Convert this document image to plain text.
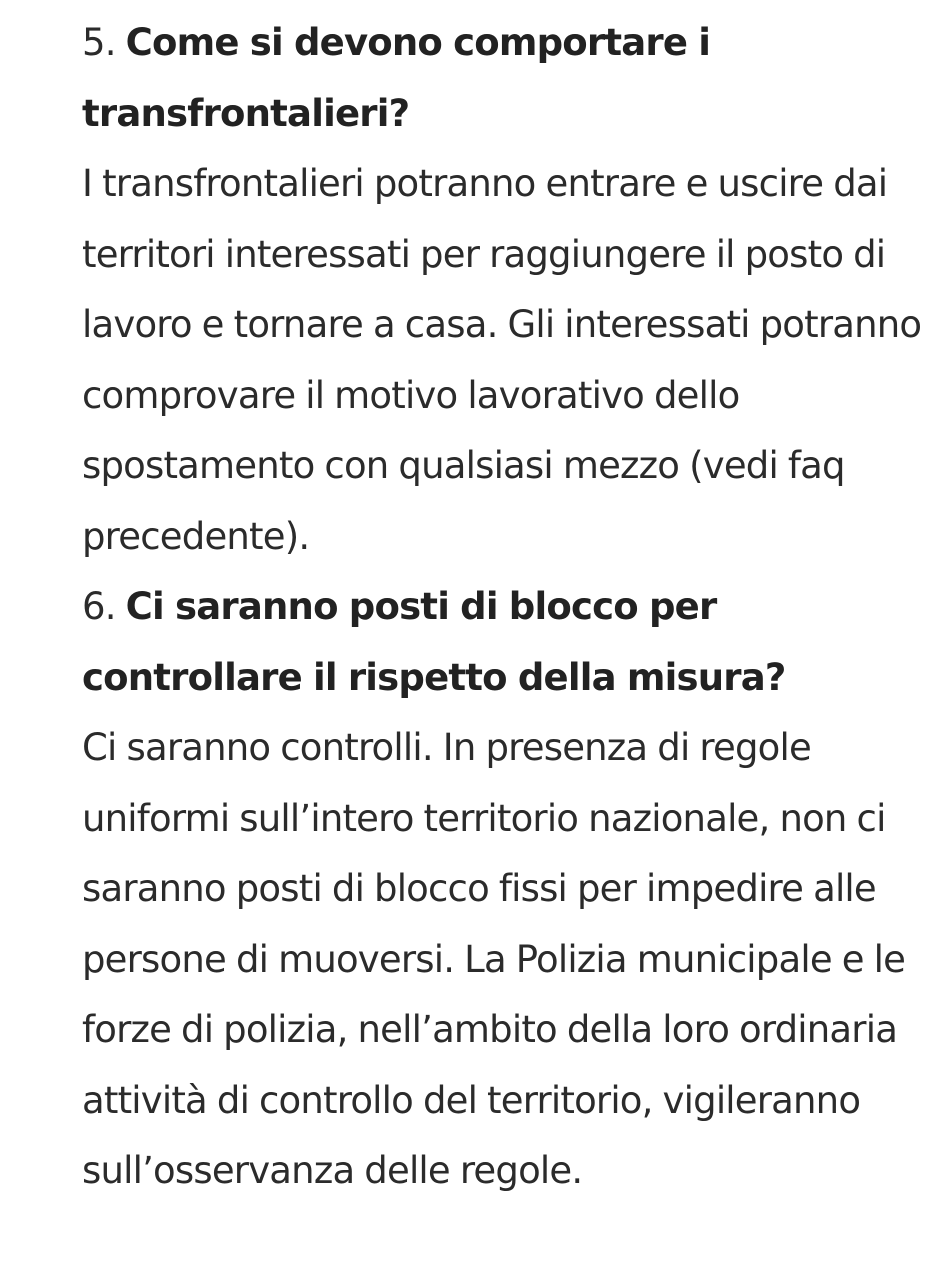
5. Come si devono comportare i transfrontalieri?

I transfrontalieri potranno entrare e uscire dai territori interessati per raggiungere il posto di lavoro e tornare a casa. Gli interessati potranno comprovare il motivo lavorativo dello spostamento con qualsiasi mezzo (vedi faq precedente).

6. Ci saranno posti di blocco per controllare il rispetto della misura?

Ci saranno controlli. In presenza di regole uniformi sull’intero territorio nazionale, non ci saranno posti di blocco fissi per impedire alle persone di muoversi. La Polizia municipale e le forze di polizia, nell’ambito della loro ordinaria attività di controllo del territorio, vigileranno sull’osservanza delle regole.
